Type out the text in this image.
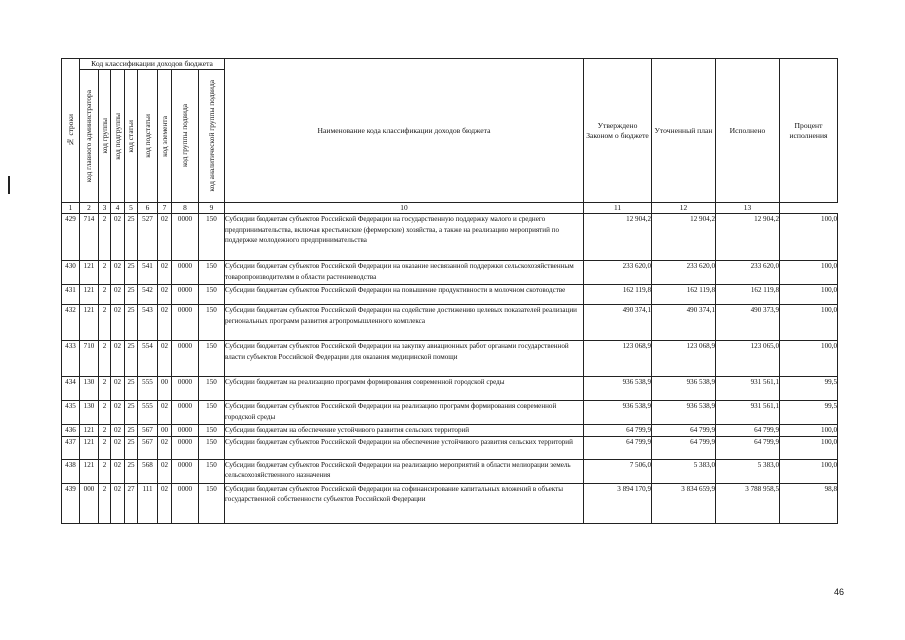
№ строки	Код классификации доходов бюджета								Наименование кода классификации доходов бюджета	Утверждено Законом о бюджете	Уточненный план	Исполнено	Процент исполнения

	код главного администратора	код группы	код подгруппы	код статьи	код подстатьи	код элемента	код группы подвида	код аналитической группы подвида					

1	2	3	4	5	6	7	8	9	10	11	12	13	
429	714	2	02	25	527	02	0000	150	Субсидии бюджетам субъектов Российской Федерации на государственную поддержку малого и среднего предпринимательства, включая крестьянские (фермерские) хозяйства, а также на реализацию мероприятий по поддержке молодежного предпринимательства	12 904,2	12 904,2	12 904,2	100,0
430	121	2	02	25	541	02	0000	150	Субсидии бюджетам субъектов Российской Федерации на оказание несвязанной поддержки сельскохозяйственным товаропроизводителям в области растениеводства	233 620,0	233 620,0	233 620,0	100,0
431	121	2	02	25	542	02	0000	150	Субсидии бюджетам субъектов Российской Федерации на повышение продуктивности в молочном скотоводстве	162 119,8	162 119,8	162 119,8	100,0
432	121	2	02	25	543	02	0000	150	Субсидии бюджетам субъектов Российской Федерации на содействие достижению целевых показателей реализации региональных программ развития агропромышленного комплекса	490 374,1	490 374,1	490 373,9	100,0
433	710	2	02	25	554	02	0000	150	Субсидии бюджетам субъектов Российской Федерации на закупку авиационных работ органами государственной власти субъектов Российской Федерации для оказания медицинской помощи	123 068,9	123 068,9	123 065,0	100,0
434	130	2	02	25	555	00	0000	150	Субсидии бюджетам на реализацию программ формирования современной городской среды	936 538,9	936 538,9	931 561,1	99,5
435	130	2	02	25	555	02	0000	150	Субсидии бюджетам субъектов Российской Федерации на реализацию программ формирования современной городской среды	936 538,9	936 538,9	931 561,1	99,5
436	121	2	02	25	567	00	0000	150	Субсидии бюджетам на обеспечение устойчивого развития сельских территорий	64 799,9	64 799,9	64 799,9	100,0
437	121	2	02	25	567	02	0000	150	Субсидии бюджетам субъектов Российской Федерации на обеспечение устойчивого развития сельских территорий	64 799,9	64 799,9	64 799,9	100,0
438	121	2	02	25	568	02	0000	150	Субсидии бюджетам субъектов Российской Федерации на реализацию мероприятий в области мелиорации земель сельскохозяйственного назначения	7 506,0	5 383,0	5 383,0	100,0
439	000	2	02	27	111	02	0000	150	Субсидии бюджетам субъектов Российской Федерации на софинансирование капитальных вложений в объекты государственной собственности субъектов Российской Федерации	3 894 170,9	3 834 659,9	3 788 958,5	98,8
46
